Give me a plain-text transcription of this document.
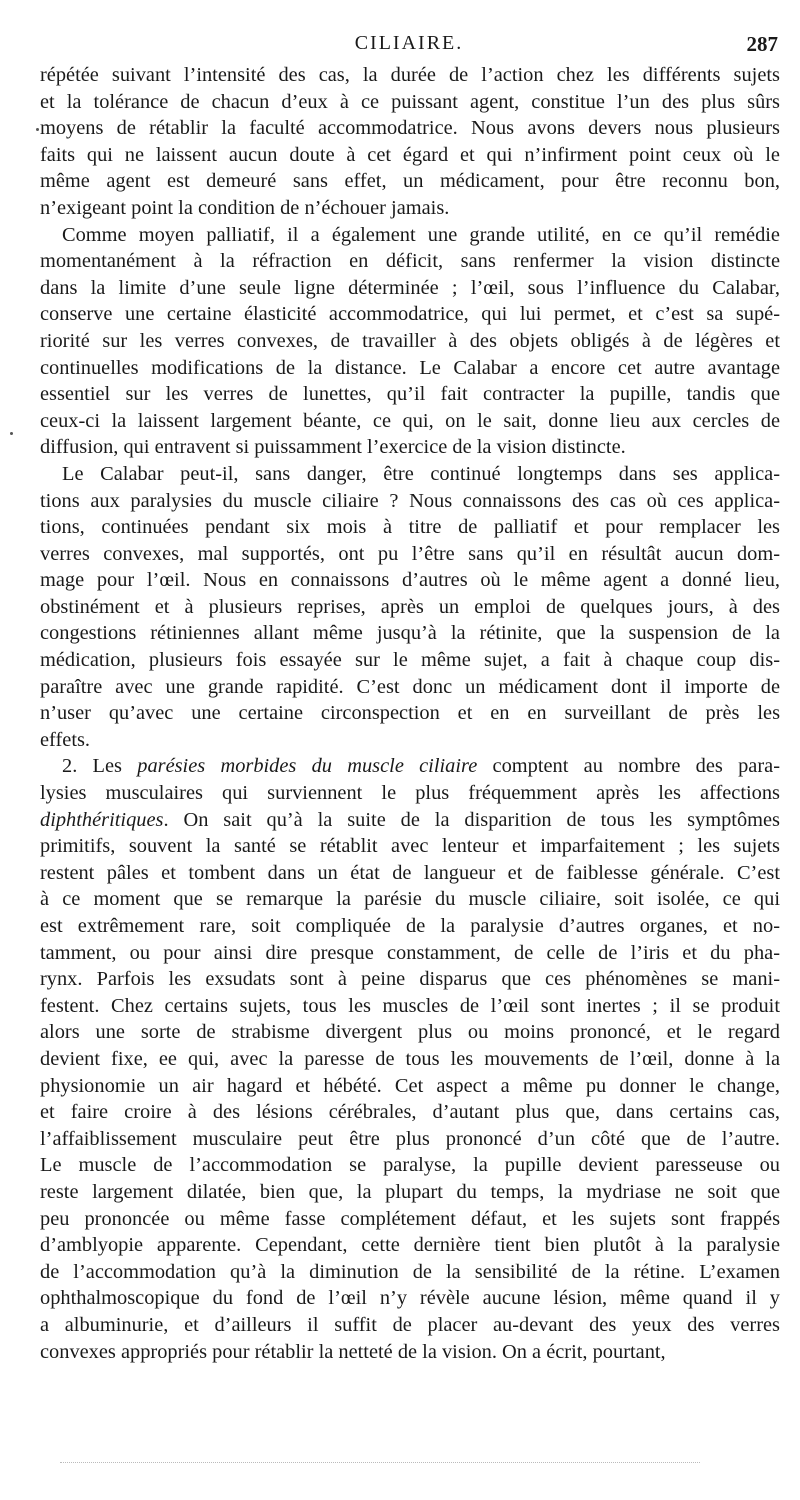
CILIAIRE.	287
répétée suivant l’intensité des cas, la durée de l’action chez les différents sujets
et la tolérance de chacun d’eux à ce puissant agent, constitue l’un des plus sûrs
moyens de rétablir la faculté accommodatrice. Nous avons devers nous plusieurs
faits qui ne laissent aucun doute à cet égard et qui n’infirment point ceux où le
même agent est demeuré sans effet, un médicament, pour être reconnu bon,
n’exigeant point la condition de n’échouer jamais.
Comme moyen palliatif, il a également une grande utilité, en ce qu’il remédie
momentanément à la réfraction en déficit, sans renfermer la vision distincte
dans la limite d’une seule ligne déterminée ; l’œil, sous l’influence du Calabar,
conserve une certaine élasticité accommodatrice, qui lui permet, et c’est sa supé-
riorité sur les verres convexes, de travailler à des objets obligés à de légères et
continuelles modifications de la distance. Le Calabar a encore cet autre avantage
essentiel sur les verres de lunettes, qu’il fait contracter la pupille, tandis que
ceux-ci la laissent largement béante, ce qui, on le sait, donne lieu aux cercles de
diffusion, qui entravent si puissamment l’exercice de la vision distincte.
Le Calabar peut-il, sans danger, être continué longtemps dans ses applica-
tions aux paralysies du muscle ciliaire ? Nous connaissons des cas où ces applica-
tions, continuées pendant six mois à titre de palliatif et pour remplacer les
verres convexes, mal supportés, ont pu l’être sans qu’il en résultât aucun dom-
mage pour l’œil. Nous en connaissons d’autres où le même agent a donné lieu,
obstinément et à plusieurs reprises, après un emploi de quelques jours, à des
congestions rétiniennes allant même jusqu’à la rétinite, que la suspension de la
médication, plusieurs fois essayée sur le même sujet, a fait à chaque coup dis-
paraître avec une grande rapidité. C’est donc un médicament dont il importe de
n’user qu’avec une certaine circonspection et en en surveillant de près les
effets.
2. Les parésies morbides du muscle ciliaire comptent au nombre des para-
lysies musculaires qui surviennent le plus fréquemment après les affections
diphthéritiques. On sait qu’à la suite de la disparition de tous les symptômes
primitifs, souvent la santé se rétablit avec lenteur et imparfaitement ; les sujets
restent pâles et tombent dans un état de langueur et de faiblesse générale. C’est
à ce moment que se remarque la parésie du muscle ciliaire, soit isolée, ce qui
est extrêmement rare, soit compliquée de la paralysie d’autres organes, et no-
tamment, ou pour ainsi dire presque constamment, de celle de l’iris et du pha-
rynx. Parfois les exsudats sont à peine disparus que ces phénomènes se mani-
festent. Chez certains sujets, tous les muscles de l’œil sont inertes ; il se produit
alors une sorte de strabisme divergent plus ou moins prononcé, et le regard
devient fixe, ee qui, avec la paresse de tous les mouvements de l’œil, donne à la
physionomie un air hagard et hébété. Cet aspect a même pu donner le change,
et faire croire à des lésions cérébrales, d’autant plus que, dans certains cas,
l’affaiblissement musculaire peut être plus prononcé d’un côté que de l’autre.
Le muscle de l’accommodation se paralyse, la pupille devient paresseuse ou
reste largement dilatée, bien que, la plupart du temps, la mydriase ne soit que
peu prononcée ou même fasse complétement défaut, et les sujets sont frappés
d’amblyopie apparente. Cependant, cette dernière tient bien plutôt à la paralysie
de l’accommodation qu’à la diminution de la sensibilité de la rétine. L’examen
ophthalmoscopique du fond de l’œil n’y révèle aucune lésion, même quand il y
a albuminurie, et d’ailleurs il suffit de placer au-devant des yeux des verres
convexes appropriés pour rétablir la netteté de la vision. On a écrit, pourtant,
